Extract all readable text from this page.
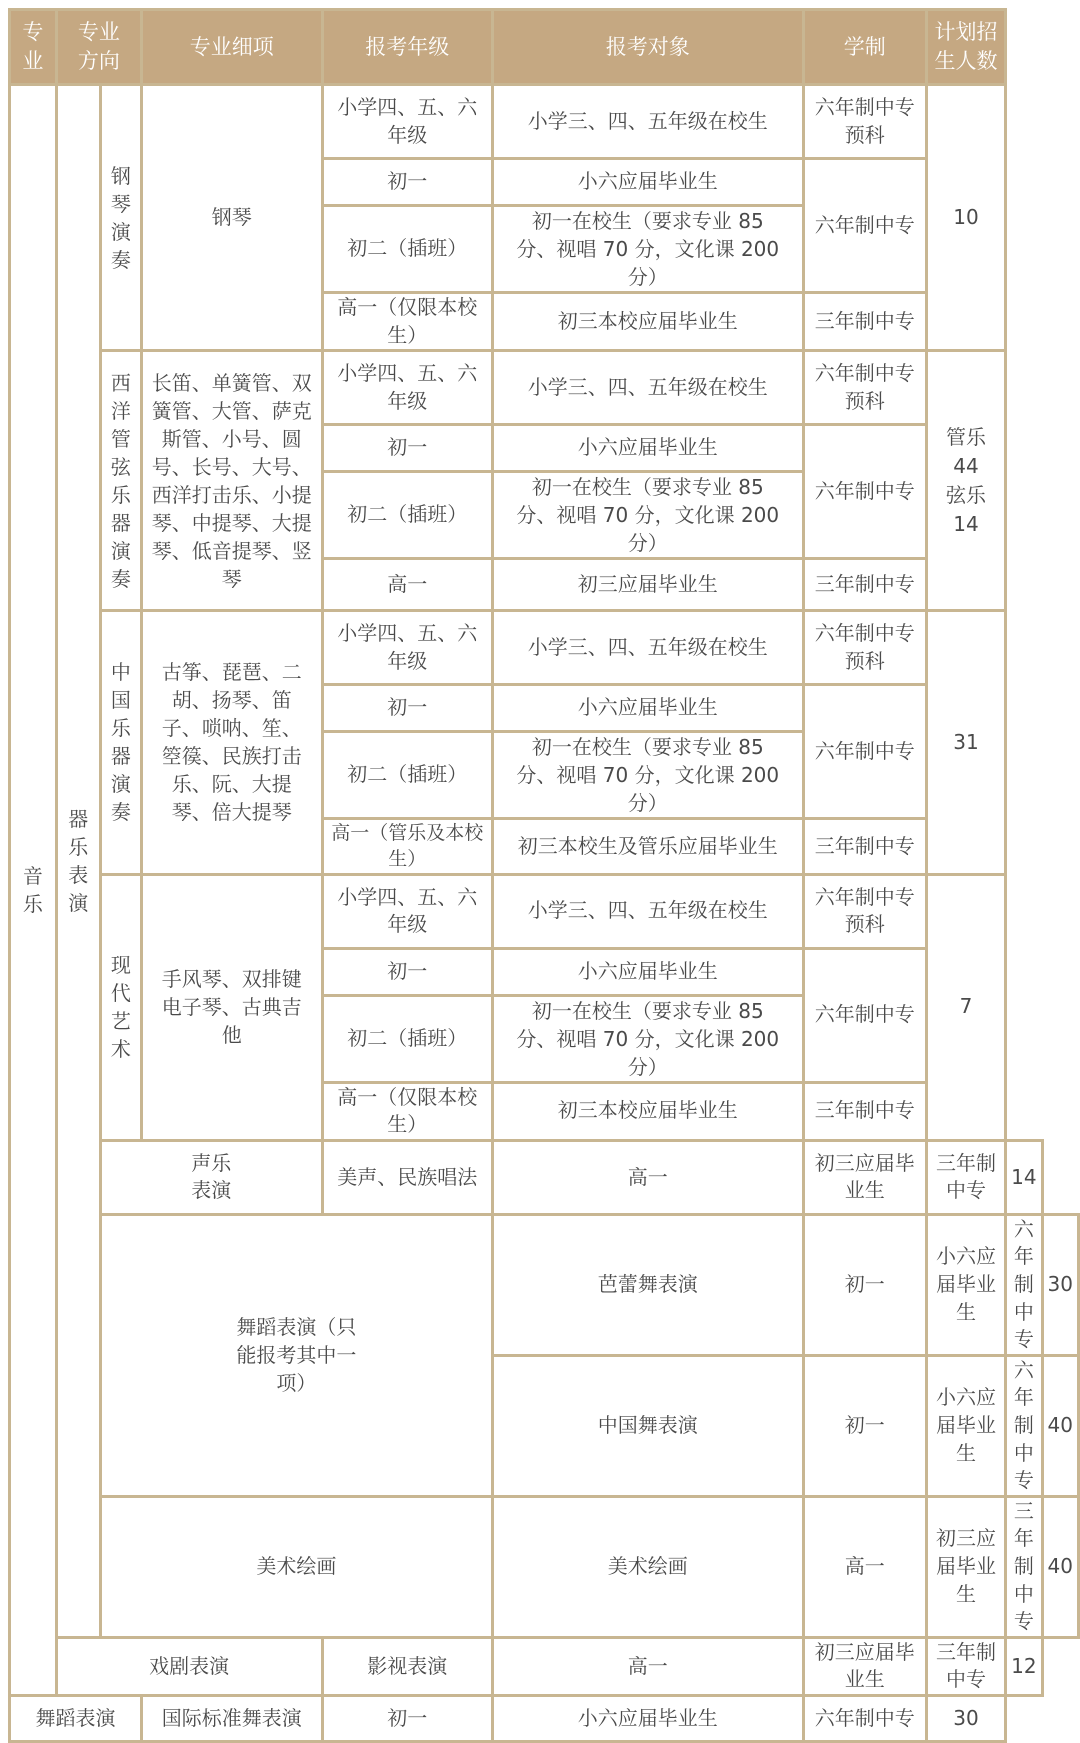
专业	专业方向		专业细项	报考年级	报考对象	学制	计划招生人数		

音乐	器乐表演	钢琴演奏	钢琴	小学四、五、六年级	小学三、四、五年级在校生	六年制中专预科	10		
				初一	小六应届毕业生	六年制中专			
				初二（插班）	初一在校生（要求专业 85 分、视唱 70 分，文化课 200 分）				

				高一（仅限本校生）	初三本校应届毕业生	三年制中专			

		西洋管弦乐器演奏	长笛、单簧管、双簧管、大管、萨克斯管、小号、圆号、长号、大号、西洋打击乐、小提琴、中提琴、大提琴、低音提琴、竖琴	小学四、五、六年级	小学三、四、五年级在校生	六年制中专预科	管乐 44 弦乐 14		

				初一	小六应届毕业生	六年制中专			
				初二（插班）	初一在校生（要求专业 85 分、视唱 70 分，文化课 200 分）				

				高一	初三应届毕业生	三年制中专			

		中国乐器演奏	古筝、琵琶、二胡、扬琴、笛子、唢呐、笙、箜篌、民族打击乐、阮、大提琴、倍大提琴	小学四、五、六年级	小学三、四、五年级在校生	六年制中专预科	31		
				初一	小六应届毕业生	六年制中专			
				初二（插班）	初一在校生（要求专业 85 分、视唱 70 分，文化课 200 分）				

				高一（管乐及本校生）	初三本校生及管乐应届毕业生	三年制中专			

		现代艺术	手风琴、双排键电子琴、古典吉他	小学四、五、六年级	小学三、四、五年级在校生	六年制中专预科	7		
				初一	小六应届毕业生	六年制中专			
				初二（插班）	初一在校生（要求专业 85 分、视唱 70 分，文化课 200 分）				

				高一（仅限本校生）	初三本校应届毕业生	三年制中专			

		声乐表演		美声、民族唱法	高一	初三应届毕业生	三年制中专	14	

		舞蹈表演（只能报考其中一项）			芭蕾舞表演	初一	小六应届毕业生	六年制中专	30
					中国舞表演	初一	小六应届毕业生	六年制中专	40
		美术绘画			美术绘画	高一	初三应届毕业生	三年制中专	40
	戏剧表演			影视表演	高一	初三应届毕业生	三年制中专	12	
舞蹈表演			国际标准舞表演	初一	小六应届毕业生	六年制中专	30		
